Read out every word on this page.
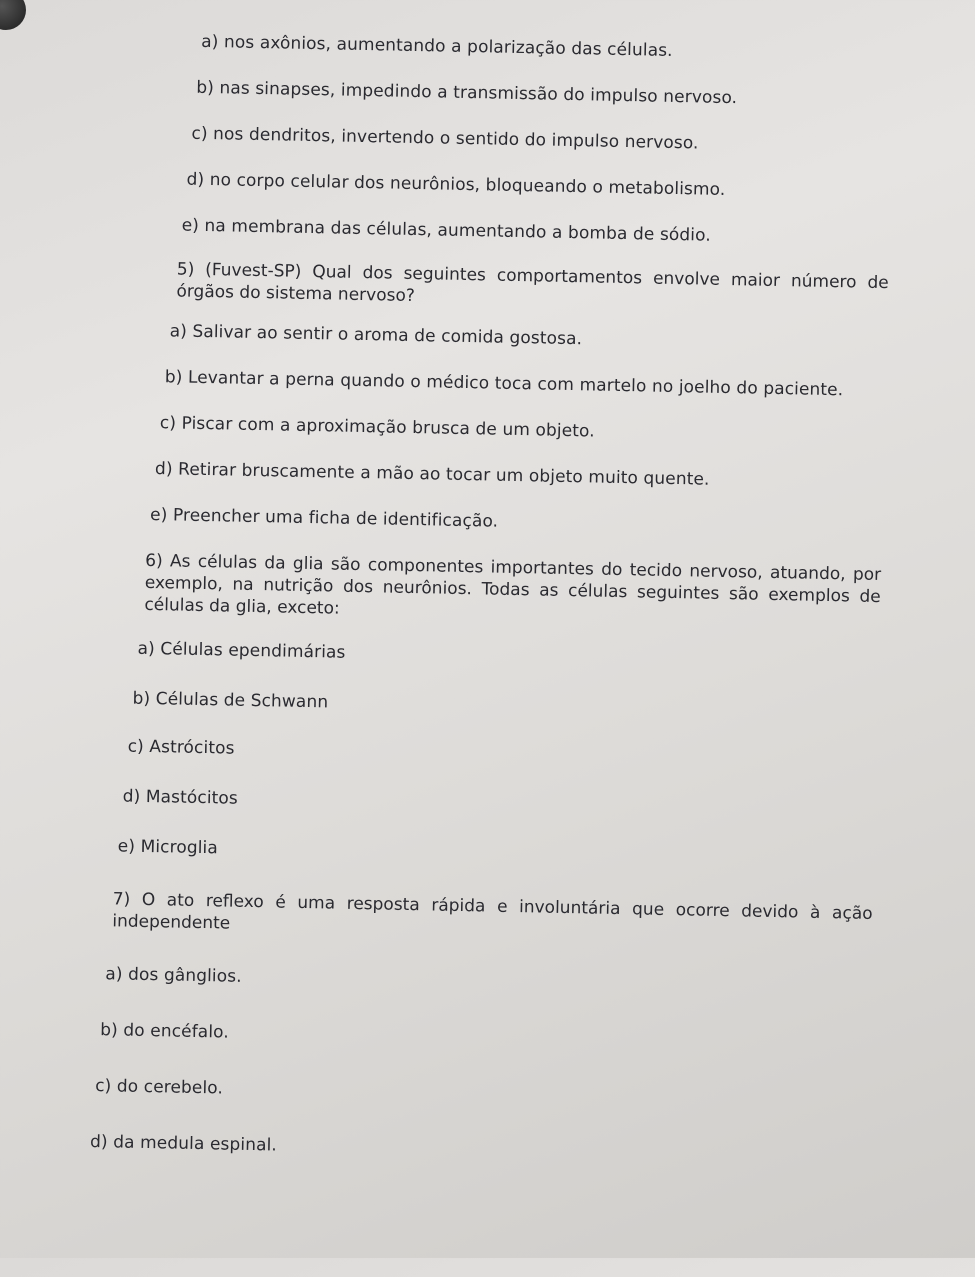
a) nos axônios, aumentando a polarização das células.
b) nas sinapses, impedindo a transmissão do impulso nervoso.
c) nos dendritos, invertendo o sentido do impulso nervoso.
d) no corpo celular dos neurônios, bloqueando o metabolismo.
e) na membrana das células, aumentando a bomba de sódio.
5) (Fuvest-SP) Qual dos seguintes comportamentos envolve maior número de órgãos do sistema nervoso?
a) Salivar ao sentir o aroma de comida gostosa.
b) Levantar a perna quando o médico toca com martelo no joelho do paciente.
c) Piscar com a aproximação brusca de um objeto.
d) Retirar bruscamente a mão ao tocar um objeto muito quente.
e) Preencher uma ficha de identificação.
6) As células da glia são componentes importantes do tecido nervoso, atuando, por exemplo, na nutrição dos neurônios. Todas as células seguintes são exemplos de células da glia, exceto:
a) Células ependimárias
b) Células de Schwann
c) Astrócitos
d) Mastócitos
e) Microglia
7) O ato reflexo é uma resposta rápida e involuntária que ocorre devido à ação independente
a) dos gânglios.
b) do encéfalo.
c) do cerebelo.
d) da medula espinal.
